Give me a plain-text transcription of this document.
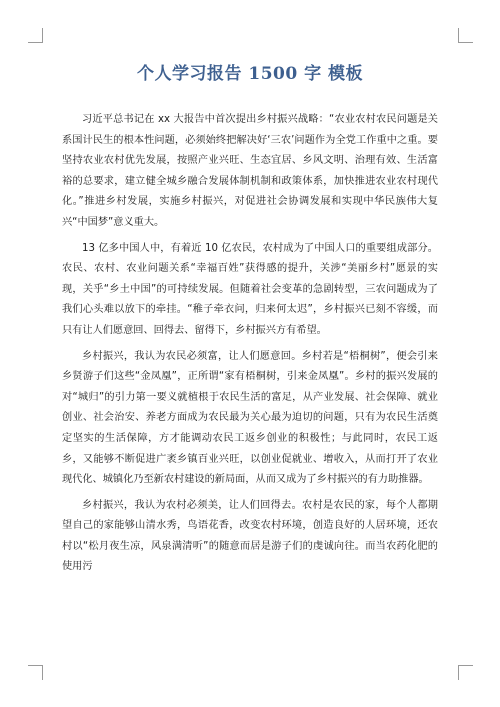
个人学习报告 1500 字 模板

习近平总书记在 xx 大报告中首次提出乡村振兴战略：“农业农村农民问题是关系国计民生的根本性问题，必须始终把解决好‘三农’问题作为全党工作重中之重。要坚持农业农村优先发展，按照产业兴旺、生态宜居、乡风文明、治理有效、生活富裕的总要求，建立健全城乡融合发展体制机制和政策体系，加快推进农业农村现代化。”推进乡村发展，实施乡村振兴，对促进社会协调发展和实现中华民族伟大复兴“中国梦”意义重大。

13 亿多中国人中，有着近 10 亿农民，农村成为了中国人口的重要组成部分。农民、农村、农业问题关系“幸福百姓”获得感的提升，关涉“美丽乡村”愿景的实现，关乎“乡土中国”的可持续发展。但随着社会变革的急剧转型，三农问题成为了我们心头难以放下的牵挂。“稚子牵衣问，归来何太迟”，乡村振兴已刻不容缓，而只有让人们愿意回、回得去、留得下，乡村振兴方有希望。

乡村振兴，我认为农民必须富，让人们愿意回。乡村若是“梧桐树”，便会引来乡贤游子们这些“金凤凰”，正所谓“家有梧桐树，引来金凤凰”。乡村的振兴发展的对“城归”的引力第一要义就植根于农民生活的富足，从产业发展、社会保障、就业创业、社会治安、养老方面成为农民最为关心最为迫切的问题，只有为农民生活奠定坚实的生活保障，方才能调动农民工返乡创业的积极性；与此同时，农民工返乡，又能够不断促进广袤乡镇百业兴旺，以创业促就业、增收入，从而打开了农业现代化、城镇化乃至新农村建设的新局面，从而又成为了乡村振兴的有力助推器。

乡村振兴，我认为农村必须美，让人们回得去。农村是农民的家，每个人都期望自己的家能够山清水秀，鸟语花香，改变农村环境，创造良好的人居环境，还农村以“松月夜生凉，风泉满清听”的随意而居是游子们的虔诚向往。而当农药化肥的使用污
